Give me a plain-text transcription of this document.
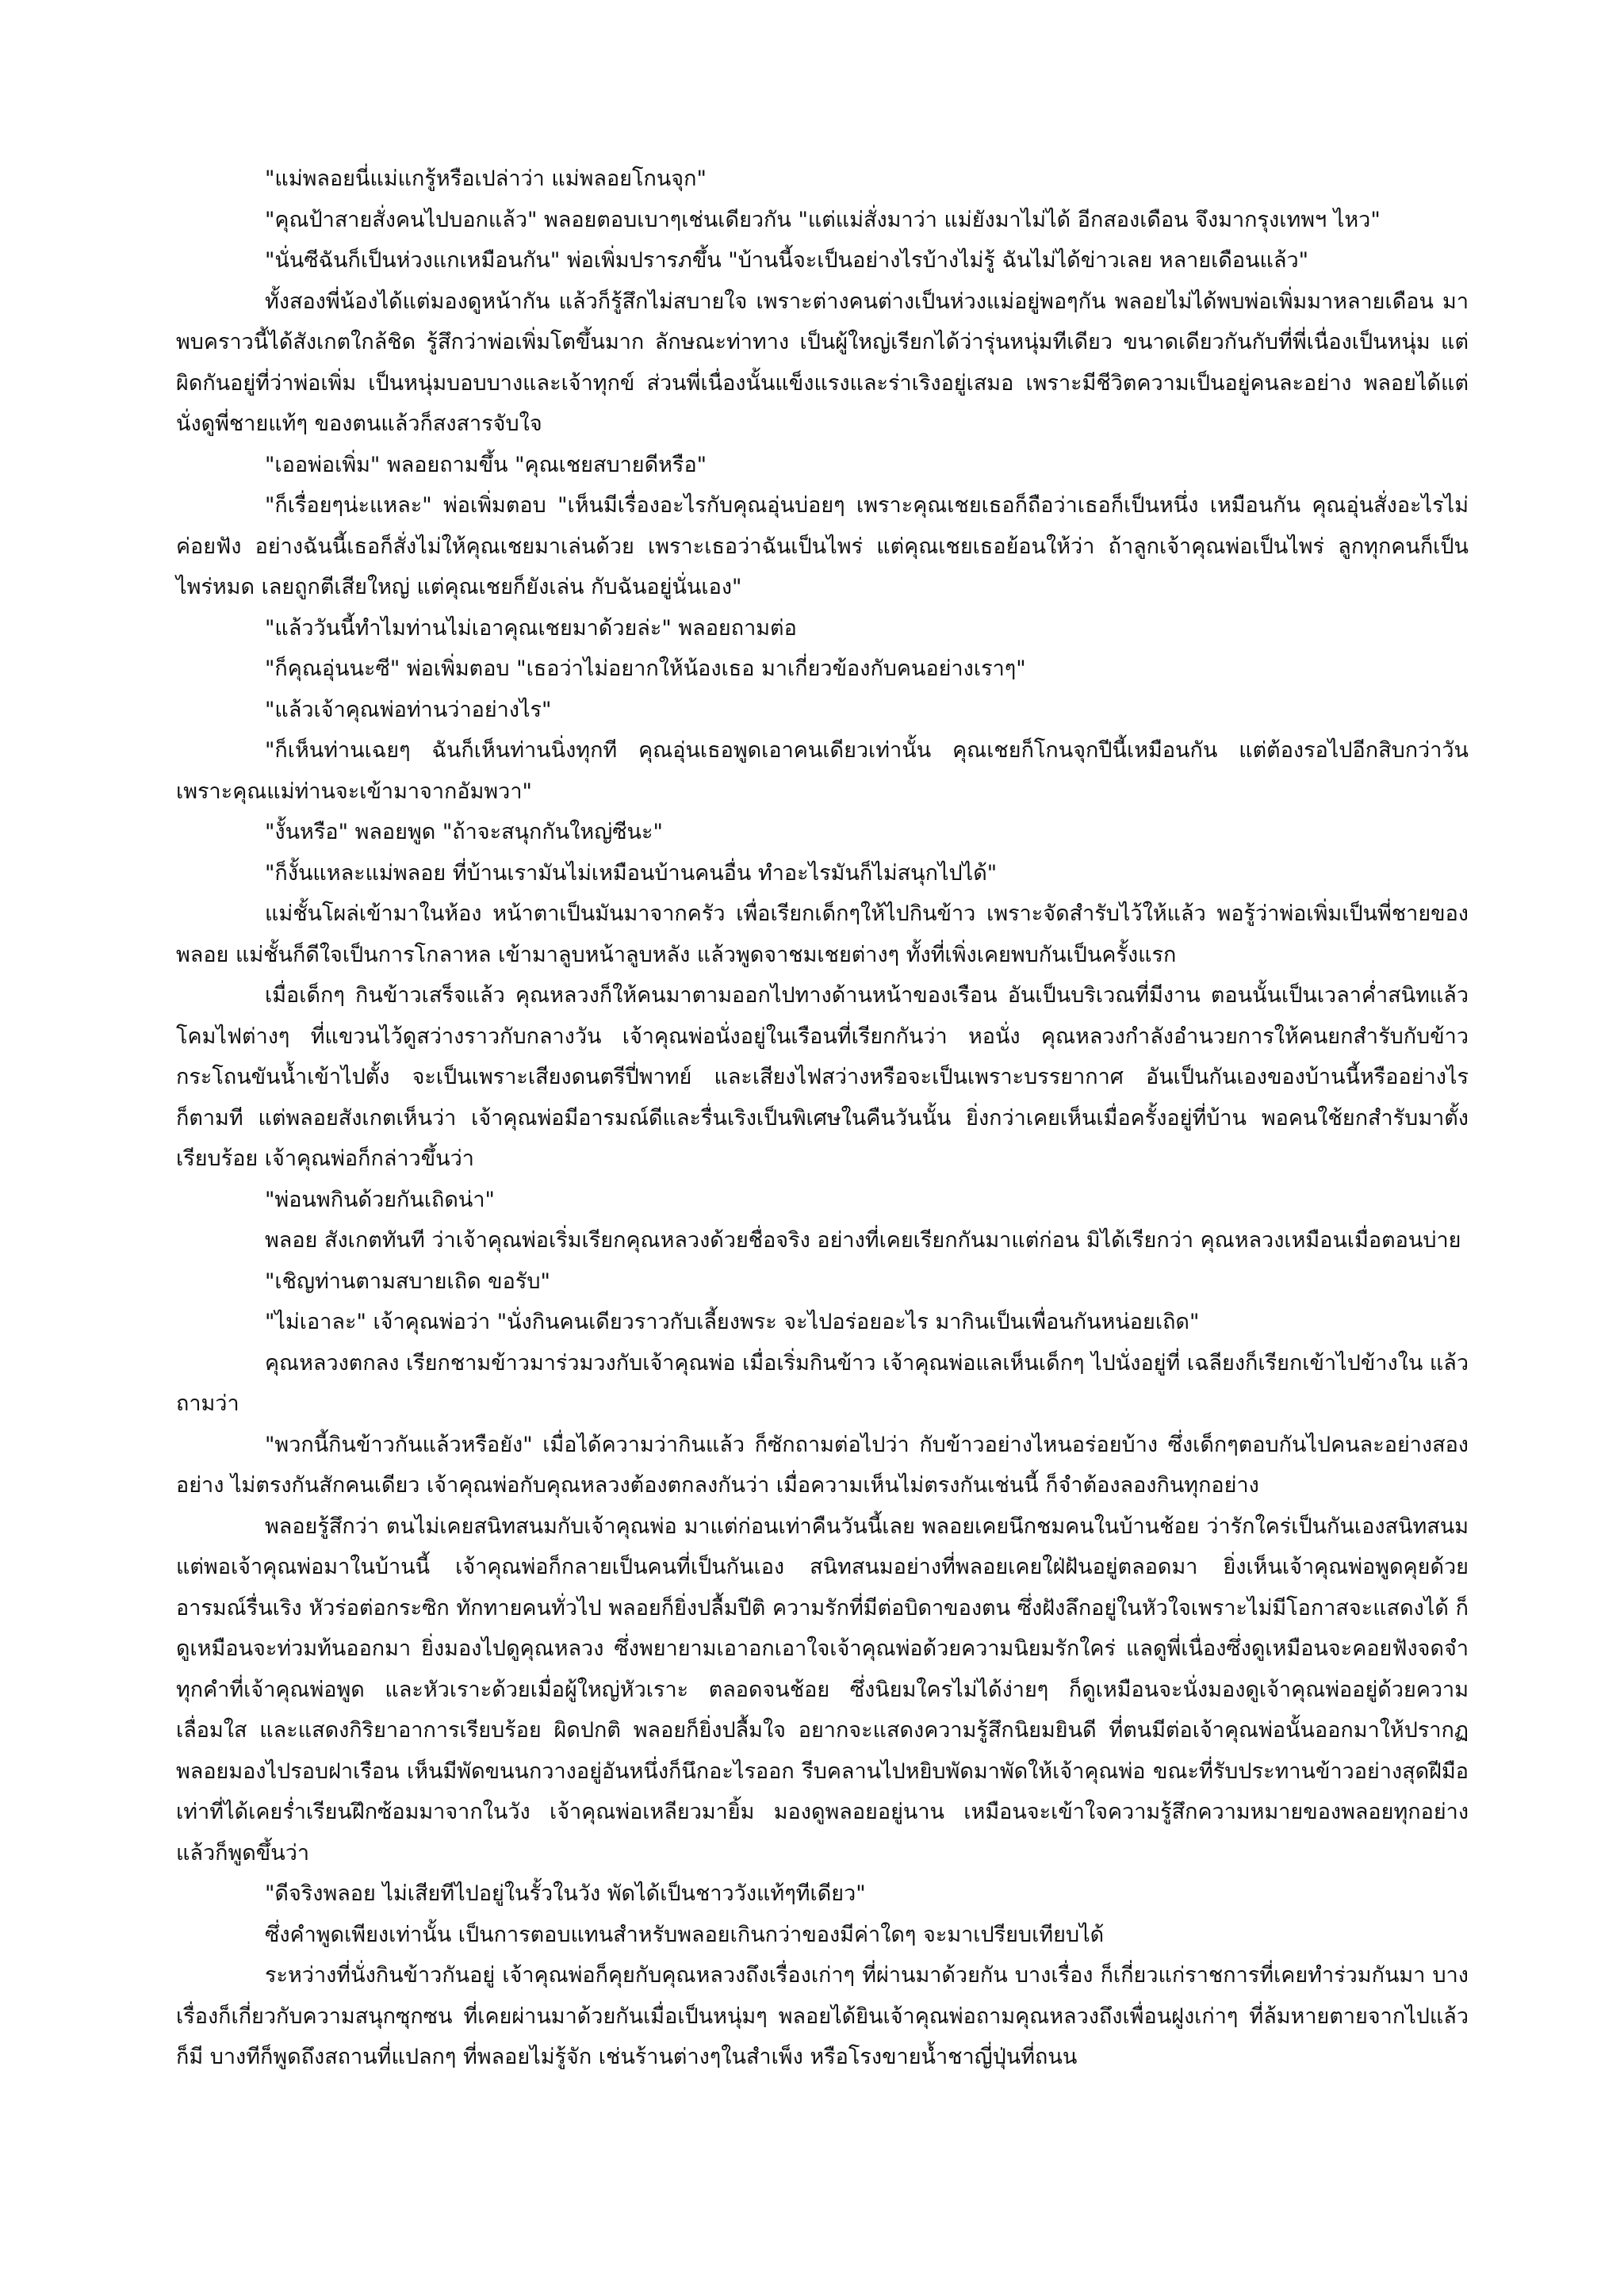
"แม่พลอยนี่แม่แกรู้หรือเปล่าว่า แม่พลอยโกนจุก"

"คุณป้าสายสั่งคนไปบอกแล้ว" พลอยตอบเบาๆเช่นเดียวกัน "แต่แม่สั่งมาว่า แม่ยังมาไม่ได้ อีกสองเดือน จึงมากรุงเทพฯ ไหว"

"นั่นซีฉันก็เป็นห่วงแกเหมือนกัน" พ่อเพิ่มปรารภขึ้น "บ้านนี้จะเป็นอย่างไรบ้างไม่รู้ ฉันไม่ได้ข่าวเลย หลายเดือนแล้ว"

ทั้งสองพี่น้องได้แต่มองดูหน้ากัน แล้วก็รู้สึกไม่สบายใจ เพราะต่างคนต่างเป็นห่วงแม่อยู่พอๆกัน พลอยไม่ได้พบพ่อเพิ่มมาหลายเดือน มาพบคราวนี้ได้สังเกตใกล้ชิด รู้สึกว่าพ่อเพิ่มโตขึ้นมาก ลักษณะท่าทาง เป็นผู้ใหญ่เรียกได้ว่ารุ่นหนุ่มทีเดียว ขนาดเดียวกันกับที่พี่เนื่องเป็นหนุ่ม แต่ผิดกันอยู่ที่ว่าพ่อเพิ่ม เป็นหนุ่มบอบบางและเจ้าทุกข์ ส่วนพี่เนื่องนั้นแข็งแรงและร่าเริงอยู่เสมอ เพราะมีชีวิตความเป็นอยู่คนละอย่าง พลอยได้แต่นั่งดูพี่ชายแท้ๆ ของตนแล้วก็สงสารจับใจ

"เออพ่อเพิ่ม" พลอยถามขึ้น "คุณเชยสบายดีหรือ"

"ก็เรื่อยๆน่ะแหละ" พ่อเพิ่มตอบ "เห็นมีเรื่องอะไรกับคุณอุ่นบ่อยๆ เพราะคุณเชยเธอก็ถือว่าเธอก็เป็นหนึ่ง เหมือนกัน คุณอุ่นสั่งอะไรไม่ค่อยฟัง อย่างฉันนี้เธอก็สั่งไม่ให้คุณเชยมาเล่นด้วย เพราะเธอว่าฉันเป็นไพร่ แต่คุณเชยเธอย้อนให้ว่า ถ้าลูกเจ้าคุณพ่อเป็นไพร่ ลูกทุกคนก็เป็นไพร่หมด เลยถูกตีเสียใหญ่ แต่คุณเชยก็ยังเล่น กับฉันอยู่นั่นเอง"

"แล้ววันนี้ทำไมท่านไม่เอาคุณเชยมาด้วยล่ะ" พลอยถามต่อ

"ก็คุณอุ่นนะซี" พ่อเพิ่มตอบ "เธอว่าไม่อยากให้น้องเธอ มาเกี่ยวข้องกับคนอย่างเราๆ"

"แล้วเจ้าคุณพ่อท่านว่าอย่างไร"

"ก็เห็นท่านเฉยๆ ฉันก็เห็นท่านนิ่งทุกที คุณอุ่นเธอพูดเอาคนเดียวเท่านั้น คุณเชยก็โกนจุกปีนี้เหมือนกัน แต่ต้องรอไปอีกสิบกว่าวัน เพราะคุณแม่ท่านจะเข้ามาจากอัมพวา"

"งั้นหรือ" พลอยพูด "ถ้าจะสนุกกันใหญ่ซีนะ"

"ก็งั้นแหละแม่พลอย ที่บ้านเรามันไม่เหมือนบ้านคนอื่น ทำอะไรมันก็ไม่สนุกไปได้"

แม่ชั้นโผล่เข้ามาในห้อง หน้าตาเป็นมันมาจากครัว เพื่อเรียกเด็กๆให้ไปกินข้าว เพราะจัดสำรับไว้ให้แล้ว พอรู้ว่าพ่อเพิ่มเป็นพี่ชายของพลอย แม่ชั้นก็ดีใจเป็นการโกลาหล เข้ามาลูบหน้าลูบหลัง แล้วพูดจาชมเชยต่างๆ ทั้งที่เพิ่งเคยพบกันเป็นครั้งแรก

เมื่อเด็กๆ กินข้าวเสร็จแล้ว คุณหลวงก็ให้คนมาตามออกไปทางด้านหน้าของเรือน อันเป็นบริเวณที่มีงาน ตอนนั้นเป็นเวลาค่ำสนิทแล้ว โคมไฟต่างๆ ที่แขวนไว้ดูสว่างราวกับกลางวัน เจ้าคุณพ่อนั่งอยู่ในเรือนที่เรียกกันว่า หอนั่ง คุณหลวงกำลังอำนวยการให้คนยกสำรับกับข้าว กระโถนขันน้ำเข้าไปตั้ง จะเป็นเพราะเสียงดนตรีปี่พาทย์ และเสียงไฟสว่างหรือจะเป็นเพราะบรรยากาศ อันเป็นกันเองของบ้านนี้หรืออย่างไรก็ตามที แต่พลอยสังเกตเห็นว่า เจ้าคุณพ่อมีอารมณ์ดีและรื่นเริงเป็นพิเศษในคืนวันนั้น ยิ่งกว่าเคยเห็นเมื่อครั้งอยู่ที่บ้าน พอคนใช้ยกสำรับมาตั้ง เรียบร้อย เจ้าคุณพ่อก็กล่าวขึ้นว่า

"พ่อนพกินด้วยกันเถิดน่า"

พลอย สังเกตทันที ว่าเจ้าคุณพ่อเริ่มเรียกคุณหลวงด้วยชื่อจริง อย่างที่เคยเรียกกันมาแต่ก่อน มิได้เรียกว่า คุณหลวงเหมือนเมื่อตอนบ่าย

"เชิญท่านตามสบายเถิด ขอรับ"

"ไม่เอาละ" เจ้าคุณพ่อว่า "นั่งกินคนเดียวราวกับเลี้ยงพระ จะไปอร่อยอะไร มากินเป็นเพื่อนกันหน่อยเถิด"

คุณหลวงตกลง เรียกชามข้าวมาร่วมวงกับเจ้าคุณพ่อ เมื่อเริ่มกินข้าว เจ้าคุณพ่อแลเห็นเด็กๆ ไปนั่งอยู่ที่ เฉลียงก็เรียกเข้าไปข้างใน แล้วถามว่า

"พวกนี้กินข้าวกันแล้วหรือยัง" เมื่อได้ความว่ากินแล้ว ก็ซักถามต่อไปว่า กับข้าวอย่างไหนอร่อยบ้าง ซึ่งเด็กๆตอบกันไปคนละอย่างสองอย่าง ไม่ตรงกันสักคนเดียว เจ้าคุณพ่อกับคุณหลวงต้องตกลงกันว่า เมื่อความเห็นไม่ตรงกันเช่นนี้ ก็จำต้องลองกินทุกอย่าง

พลอยรู้สึกว่า ตนไม่เคยสนิทสนมกับเจ้าคุณพ่อ มาแต่ก่อนเท่าคืนวันนี้เลย พลอยเคยนึกชมคนในบ้านช้อย ว่ารักใคร่เป็นกันเองสนิทสนม แต่พอเจ้าคุณพ่อมาในบ้านนี้ เจ้าคุณพ่อก็กลายเป็นคนที่เป็นกันเอง สนิทสนมอย่างที่พลอยเคยใฝ่ฝันอยู่ตลอดมา ยิ่งเห็นเจ้าคุณพ่อพูดคุยด้วยอารมณ์รื่นเริง หัวร่อต่อกระซิก ทักทายคนทั่วไป พลอยก็ยิ่งปลื้มปีติ ความรักที่มีต่อบิดาของตน ซึ่งฝังลึกอยู่ในหัวใจเพราะไม่มีโอกาสจะแสดงได้ ก็ดูเหมือนจะท่วมท้นออกมา ยิ่งมองไปดูคุณหลวง ซึ่งพยายามเอาอกเอาใจเจ้าคุณพ่อด้วยความนิยมรักใคร่ แลดูพี่เนื่องซึ่งดูเหมือนจะคอยฟังจดจำทุกคำที่เจ้าคุณพ่อพูด และหัวเราะด้วยเมื่อผู้ใหญ่หัวเราะ ตลอดจนช้อย ซึ่งนิยมใครไม่ได้ง่ายๆ ก็ดูเหมือนจะนั่งมองดูเจ้าคุณพ่ออยู่ด้วยความเลื่อมใส และแสดงกิริยาอาการเรียบร้อย ผิดปกติ พลอยก็ยิ่งปลื้มใจ อยากจะแสดงความรู้สึกนิยมยินดี ที่ตนมีต่อเจ้าคุณพ่อนั้นออกมาให้ปรากฏ พลอยมองไปรอบฝาเรือน เห็นมีพัดขนนกวางอยู่อันหนึ่งก็นึกอะไรออก รีบคลานไปหยิบพัดมาพัดให้เจ้าคุณพ่อ ขณะที่รับประทานข้าวอย่างสุดฝีมือ เท่าที่ได้เคยร่ำเรียนฝึกซ้อมมาจากในวัง เจ้าคุณพ่อเหลียวมายิ้ม มองดูพลอยอยู่นาน เหมือนจะเข้าใจความรู้สึกความหมายของพลอยทุกอย่าง แล้วก็พูดขึ้นว่า

"ดีจริงพลอย ไม่เสียทีไปอยู่ในรั้วในวัง พัดได้เป็นชาววังแท้ๆทีเดียว"

ซึ่งคำพูดเพียงเท่านั้น เป็นการตอบแทนสำหรับพลอยเกินกว่าของมีค่าใดๆ จะมาเปรียบเทียบได้

ระหว่างที่นั่งกินข้าวกันอยู่ เจ้าคุณพ่อก็คุยกับคุณหลวงถึงเรื่องเก่าๆ ที่ผ่านมาด้วยกัน บางเรื่อง ก็เกี่ยวแก่ราชการที่เคยทำร่วมกันมา บางเรื่องก็เกี่ยวกับความสนุกซุกซน ที่เคยผ่านมาด้วยกันเมื่อเป็นหนุ่มๆ พลอยได้ยินเจ้าคุณพ่อถามคุณหลวงถึงเพื่อนฝูงเก่าๆ ที่ล้มหายตายจากไปแล้วก็มี บางทีก็พูดถึงสถานที่แปลกๆ ที่พลอยไม่รู้จัก เช่นร้านต่างๆในสำเพ็ง หรือโรงขายน้ำชาญี่ปุ่นที่ถนน
